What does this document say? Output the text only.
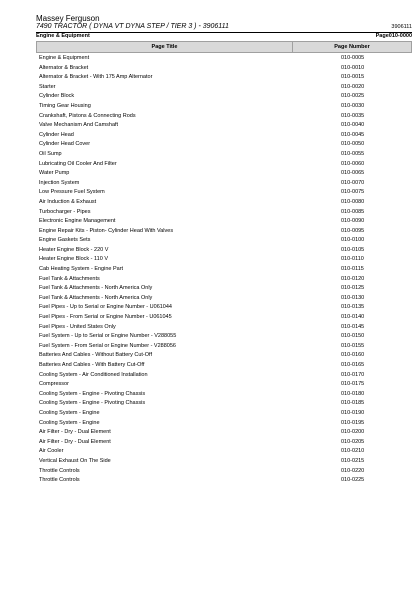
Massey Ferguson
7490 TRACTOR ( DYNA VT DYNA STEP / TIER 3 ) - 3906111	3906111
Engine & Equipment	Page010-0000
Page Title	Page Number
Engine & Equipment	010-0005
Alternator & Bracket	010-0010
Alternator & Bracket - With 175 Amp Alternator	010-0015
Starter	010-0020
Cylinder Block	010-0025
Timing Gear Housing	010-0030
Crankshaft, Pistons & Connecting Rods	010-0035
Valve Mechanism And Camshaft	010-0040
Cylinder Head	010-0045
Cylinder Head Cover	010-0050
Oil Sump	010-0055
Lubricating Oil Cooler And Filter	010-0060
Water Pump	010-0065
Injection System	010-0070
Low Pressure Fuel System	010-0075
Air Induction & Exhaust	010-0080
Turbocharger - Pipes	010-0085
Electronic Engine Management	010-0090
Engine Repair Kits - Piston- Cylinder Head With Valves	010-0095
Engine Gaskets Sets	010-0100
Heater Engine Block - 220 V	010-0105
Heater Engine Block - 110 V	010-0110
Cab Heating System - Engine Part	010-0115
Fuel Tank & Attachments	010-0120
Fuel Tank & Attachments - North America Only	010-0125
Fuel Tank & Attachments - North America Only	010-0130
Fuel Pipes - Up to Serial or Engine Number - U061044	010-0135
Fuel Pipes - From Serial or Engine Number - U061045	010-0140
Fuel Pipes - United States Only	010-0145
Fuel System - Up to Serial or Engine Number - V288055	010-0150
Fuel System - From Serial or Engine Number - V288056	010-0155
Batteries And Cables - Without Battery Cut-Off	010-0160
Batteries And Cables - With Battery Cut-Off	010-0165
Cooling System - Air Conditioned Installation	010-0170
Compressor	010-0175
Cooling System - Engine - Pivoting Chassis	010-0180
Cooling System - Engine - Pivoting Chassis	010-0185
Cooling System - Engine	010-0190
Cooling System - Engine	010-0195
Air Filter - Dry - Dual Element	010-0200
Air Filter - Dry - Dual Element	010-0205
Air Cooler	010-0210
Vertical Exhaust On The Side	010-0215
Throttle Controls	010-0220
Throttle Controls	010-0225
